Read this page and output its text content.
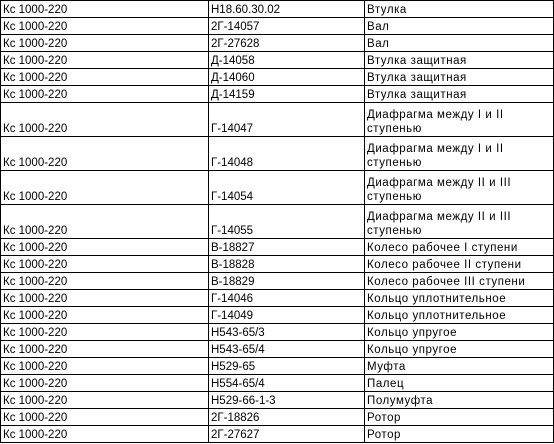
Кс 1000-220	Н18.60.30.02	Втулка
Кс 1000-220	2Г-14057	Вал
Кс 1000-220	2Г-27628	Вал
Кс 1000-220	Д-14058	Втулка защитная
Кс 1000-220	Д-14060	Втулка защитная
Кс 1000-220	Д-14159	Втулка защитная
Кс 1000-220	Г-14047	Диафрагма между I и II ступенью
Кс 1000-220	Г-14048	Диафрагма между I и II ступенью
Кс 1000-220	Г-14054	Диафрагма между II и III ступенью
Кс 1000-220	Г-14055	Диафрагма между II и III ступенью
Кс 1000-220	В-18827	Колесо рабочее I ступени
Кс 1000-220	В-18828	Колесо рабочее II ступени
Кс 1000-220	В-18829	Колесо рабочее III ступени
Кс 1000-220	Г-14046	Кольцо уплотнительное
Кс 1000-220	Г-14049	Кольцо уплотнительное
Кс 1000-220	Н543-65/3	Кольцо упругое
Кс 1000-220	Н543-65/4	Кольцо упругое
Кс 1000-220	Н529-65	Муфта
Кс 1000-220	Н554-65/4	Палец
Кс 1000-220	Н529-66-1-3	Полумуфта
Кс 1000-220	2Г-18826	Ротор
Кс 1000-220	2Г-27627	Ротор
